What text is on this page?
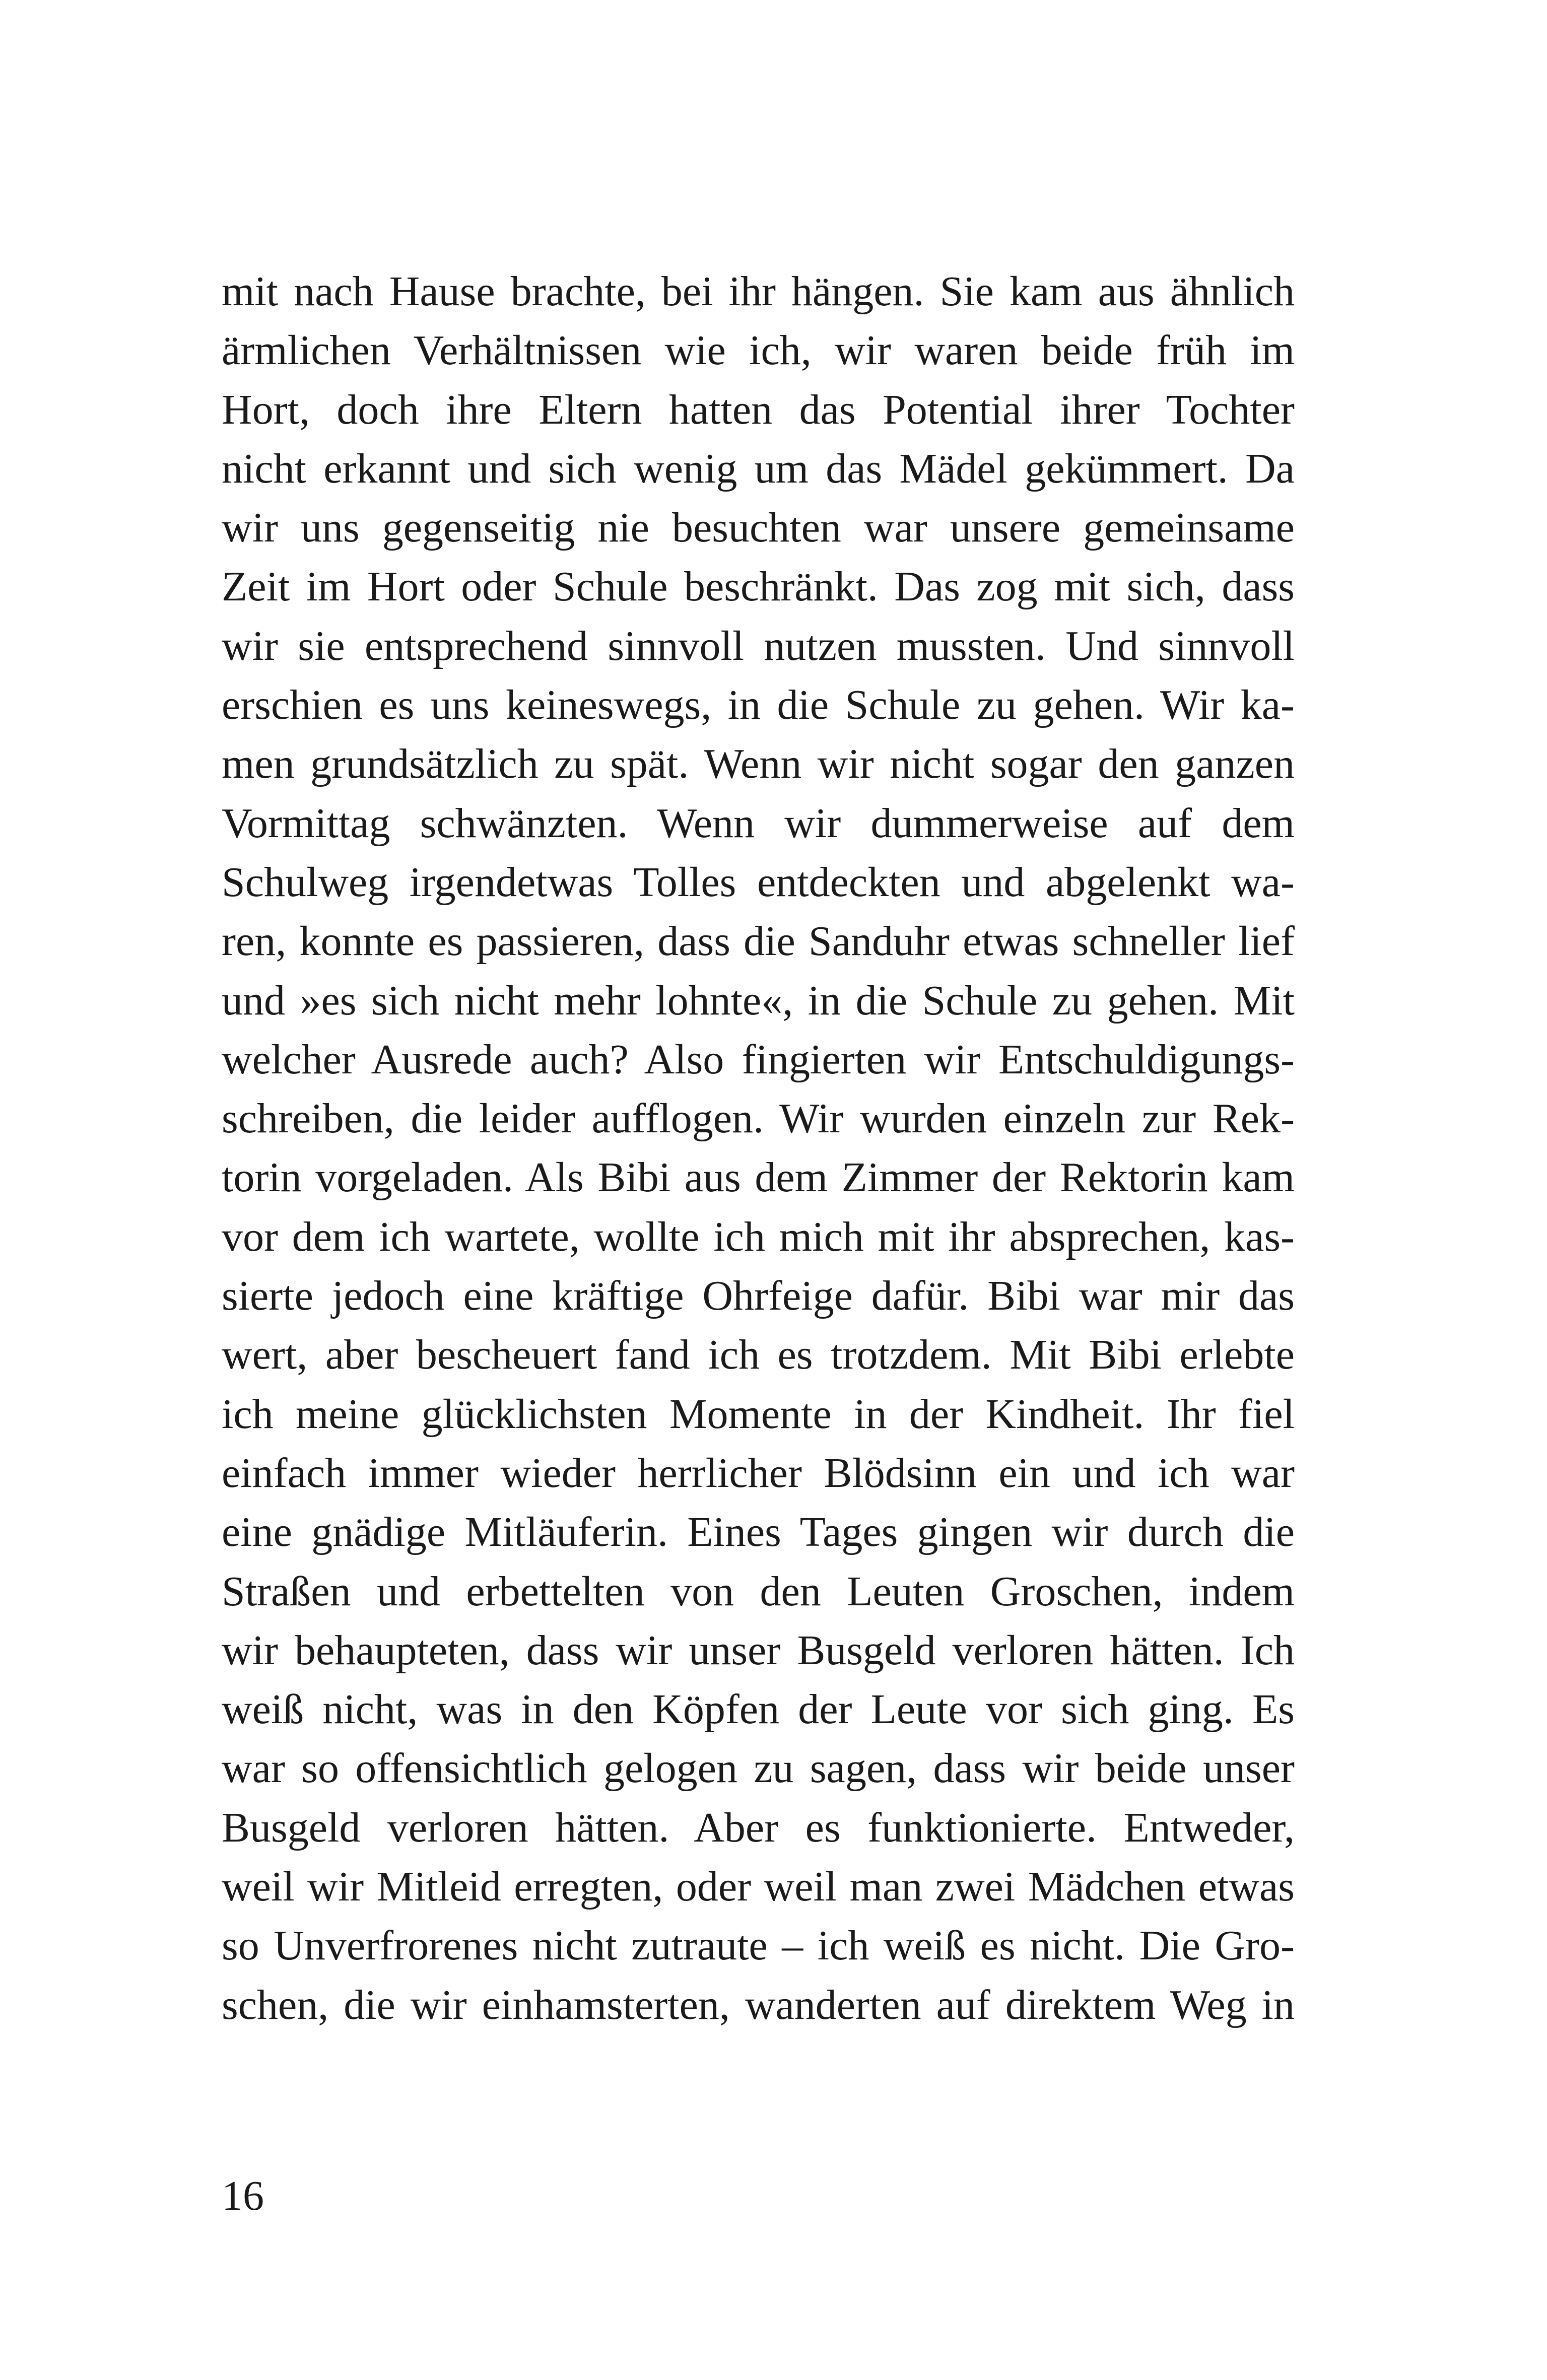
mit nach Hause brachte, bei ihr hängen. Sie kam aus ähnlich
ärmlichen Verhältnissen wie ich, wir waren beide früh im
Hort, doch ihre Eltern hatten das Potential ihrer Tochter
nicht erkannt und sich wenig um das Mädel gekümmert. Da
wir uns gegenseitig nie besuchten war unsere gemeinsame
Zeit im Hort oder Schule beschränkt. Das zog mit sich, dass
wir sie entsprechend sinnvoll nutzen mussten. Und sinnvoll
erschien es uns keineswegs, in die Schule zu gehen. Wir ka-
men grundsätzlich zu spät. Wenn wir nicht sogar den ganzen
Vormittag schwänzten. Wenn wir dummerweise auf dem
Schulweg irgendetwas Tolles entdeckten und abgelenkt wa-
ren, konnte es passieren, dass die Sanduhr etwas schneller lief
und »es sich nicht mehr lohnte«, in die Schule zu gehen. Mit
welcher Ausrede auch? Also fingierten wir Entschuldigungs-
schreiben, die leider aufflogen. Wir wurden einzeln zur Rek-
torin vorgeladen. Als Bibi aus dem Zimmer der Rektorin kam
vor dem ich wartete, wollte ich mich mit ihr absprechen, kas-
sierte jedoch eine kräftige Ohrfeige dafür. Bibi war mir das
wert, aber bescheuert fand ich es trotzdem. Mit Bibi erlebte
ich meine glücklichsten Momente in der Kindheit. Ihr fiel
einfach immer wieder herrlicher Blödsinn ein und ich war
eine gnädige Mitläuferin. Eines Tages gingen wir durch die
Straßen und erbettelten von den Leuten Groschen, indem
wir behaupteten, dass wir unser Busgeld verloren hätten. Ich
weiß nicht, was in den Köpfen der Leute vor sich ging. Es
war so offensichtlich gelogen zu sagen, dass wir beide unser
Busgeld verloren hätten. Aber es funktionierte. Entweder,
weil wir Mitleid erregten, oder weil man zwei Mädchen etwas
so Unverfrorenes nicht zutraute – ich weiß es nicht. Die Gro-
schen, die wir einhamsterten, wanderten auf direktem Weg in
16
